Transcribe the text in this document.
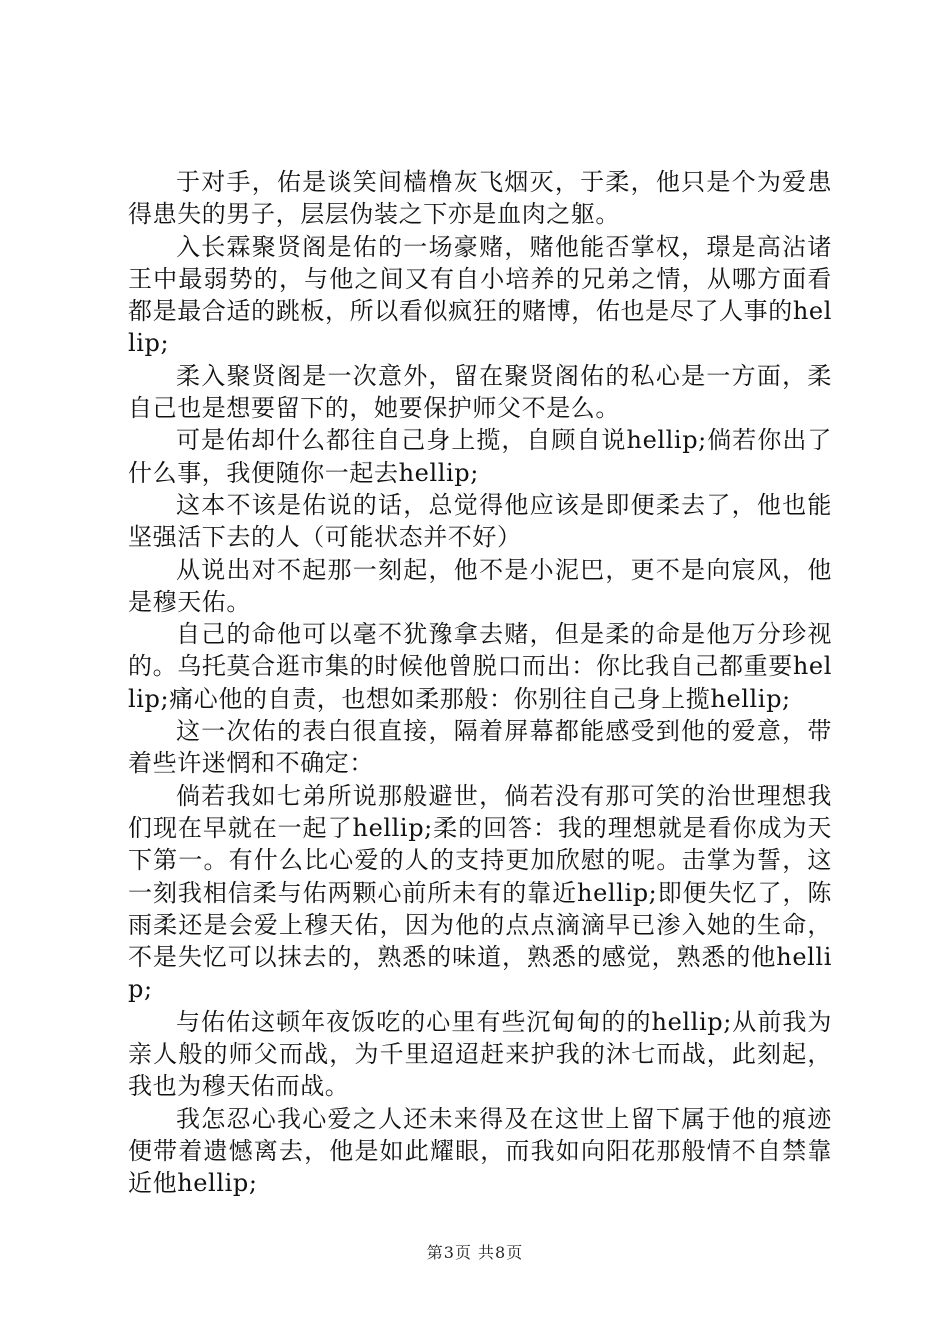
于对手，佑是谈笑间樯橹灰飞烟灭，于柔，他只是个为爱患得患失的男子，层层伪装之下亦是血肉之躯。

入长霖聚贤阁是佑的一场豪赌，赌他能否掌权，璟是高沾诸王中最弱势的，与他之间又有自小培养的兄弟之情，从哪方面看都是最合适的跳板，所以看似疯狂的赌博，佑也是尽了人事的hellip;

柔入聚贤阁是一次意外，留在聚贤阁佑的私心是一方面，柔自己也是想要留下的，她要保护师父不是么。

可是佑却什么都往自己身上揽，自顾自说hellip;倘若你出了什么事，我便随你一起去hellip;

这本不该是佑说的话，总觉得他应该是即便柔去了，他也能坚强活下去的人（可能状态并不好）

从说出对不起那一刻起，他不是小泥巴，更不是向宸风，他是穆天佑。

自己的命他可以毫不犹豫拿去赌，但是柔的命是他万分珍视的。乌托莫合逛市集的时候他曾脱口而出：你比我自己都重要hellip;痛心他的自责，也想如柔那般：你别往自己身上揽hellip;

这一次佑的表白很直接，隔着屏幕都能感受到他的爱意，带着些许迷惘和不确定：

倘若我如七弟所说那般避世，倘若没有那可笑的治世理想我们现在早就在一起了hellip;柔的回答：我的理想就是看你成为天下第一。有什么比心爱的人的支持更加欣慰的呢。击掌为誓，这一刻我相信柔与佑两颗心前所未有的靠近hellip;即便失忆了，陈雨柔还是会爱上穆天佑，因为他的点点滴滴早已渗入她的生命，不是失忆可以抹去的，熟悉的味道，熟悉的感觉，熟悉的他hellip;

与佑佑这顿年夜饭吃的心里有些沉甸甸的的hellip;从前我为亲人般的师父而战，为千里迢迢赶来护我的沐七而战，此刻起，我也为穆天佑而战。

我怎忍心我心爱之人还未来得及在这世上留下属于他的痕迹便带着遗憾离去，他是如此耀眼，而我如向阳花那般情不自禁靠近他hellip;

第3页 共8页
